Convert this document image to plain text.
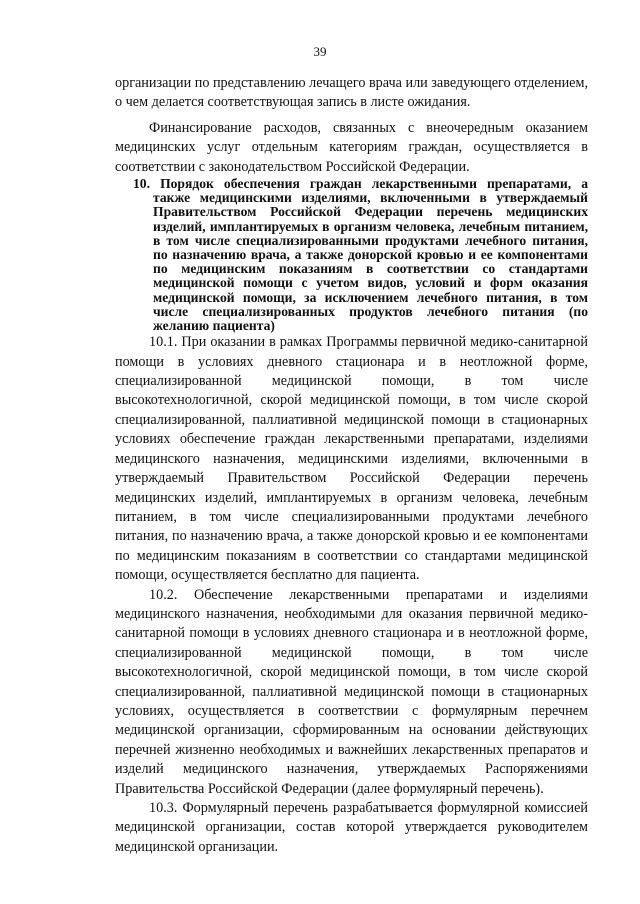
39

организации по представлению лечащего врача или заведующего отделением, о чем делается соответствующая запись в листе ожидания.

Финансирование расходов, связанных с внеочередным оказанием медицинских услуг отдельным категориям граждан, осуществляется в соответствии с законодательством Российской Федерации.

10. Порядок обеспечения граждан лекарственными препаратами, а также медицинскими изделиями, включенными в утверждаемый Правительством Российской Федерации перечень медицинских изделий, имплантируемых в организм человека, лечебным питанием, в том числе специализированными продуктами лечебного питания, по назначению врача, а также донорской кровью и ее компонентами по медицинским показаниям в соответствии со стандартами медицинской помощи с учетом видов, условий и форм оказания медицинской помощи, за исключением лечебного питания, в том числе специализированных продуктов лечебного питания (по желанию пациента)

10.1. При оказании в рамках Программы первичной медико-санитарной помощи в условиях дневного стационара и в неотложной форме, специализированной медицинской помощи, в том числе высокотехнологичной, скорой медицинской помощи, в том числе скорой специализированной, паллиативной медицинской помощи в стационарных условиях обеспечение граждан лекарственными препаратами, изделиями медицинского назначения, медицинскими изделиями, включенными в утверждаемый Правительством Российской Федерации перечень медицинских изделий, имплантируемых в организм человека, лечебным питанием, в том числе специализированными продуктами лечебного питания, по назначению врача, а также донорской кровью и ее компонентами по медицинским показаниям в соответствии со стандартами медицинской помощи, осуществляется бесплатно для пациента.

10.2. Обеспечение лекарственными препаратами и изделиями медицинского назначения, необходимыми для оказания первичной медико-санитарной помощи в условиях дневного стационара и в неотложной форме, специализированной медицинской помощи, в том числе высокотехнологичной, скорой медицинской помощи, в том числе скорой специализированной, паллиативной медицинской помощи в стационарных условиях, осуществляется в соответствии с формулярным перечнем медицинской организации, сформированным на основании действующих перечней жизненно необходимых и важнейших лекарственных препаратов и изделий медицинского назначения, утверждаемых Распоряжениями Правительства Российской Федерации (далее формулярный перечень).

10.3. Формулярный перечень разрабатывается формулярной комиссией медицинской организации, состав которой утверждается руководителем медицинской организации.
